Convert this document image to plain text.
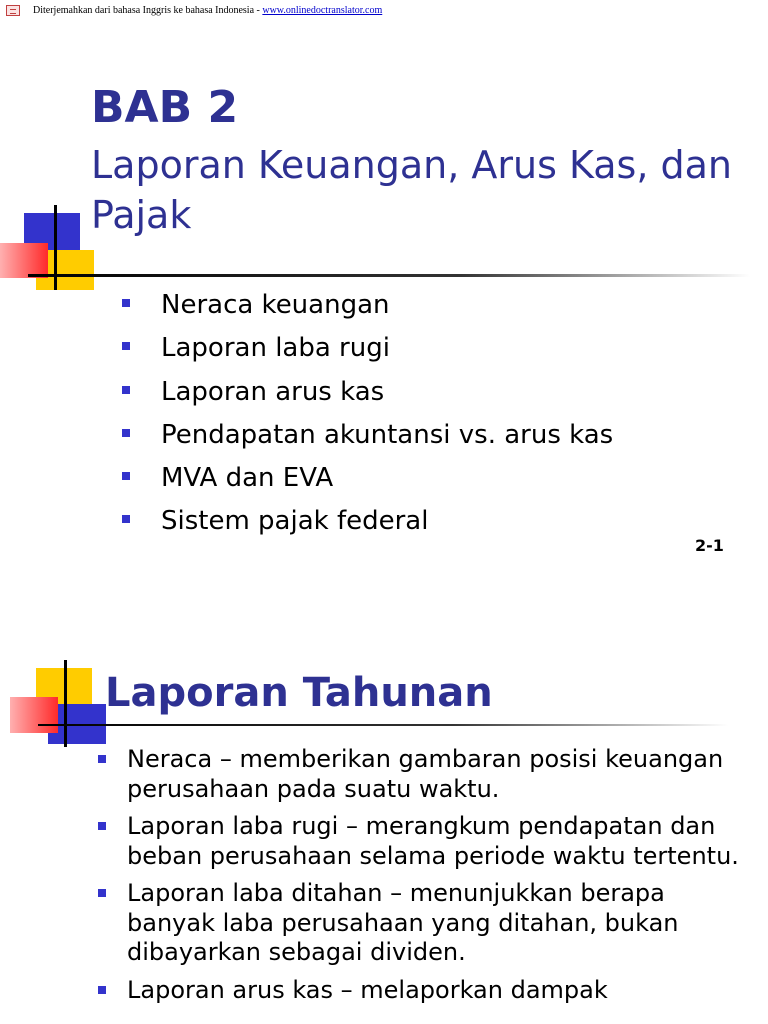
Diterjemahkan dari bahasa Inggris ke bahasa Indonesia - www.onlinedoctranslator.com
BAB 2
Laporan Keuangan, Arus Kas, dan Pajak
Neraca keuangan
Laporan laba rugi
Laporan arus kas
Pendapatan akuntansi vs. arus kas
MVA dan EVA
Sistem pajak federal
2-1
Laporan Tahunan
Neraca – memberikan gambaran posisi keuangan perusahaan pada suatu waktu.
Laporan laba rugi – merangkum pendapatan dan beban perusahaan selama periode waktu tertentu.
Laporan laba ditahan – menunjukkan berapa banyak laba perusahaan yang ditahan, bukan dibayarkan sebagai dividen.
Laporan arus kas – melaporkan dampak
